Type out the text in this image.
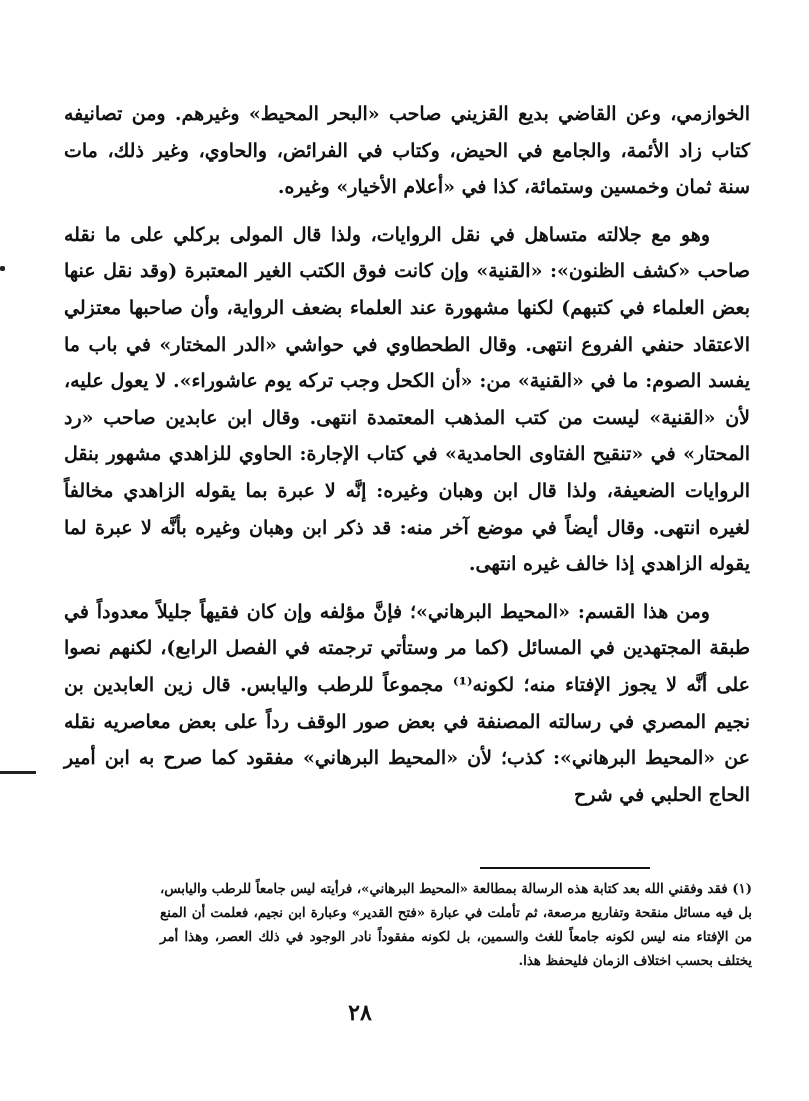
الخوازمي، وعن القاضي بديع القزيني صاحب «البحر المحيط» وغيرهم. ومن تصانيفه كتاب زاد الأئمة، والجامع في الحيض، وكتاب في الفرائض، والحاوي، وغير ذلك، مات سنة ثمان وخمسين وستمائة، كذا في «أعلام الأخيار» وغيره.

وهو مع جلالته متساهل في نقل الروايات، ولذا قال المولى بركلي على ما نقله صاحب «كشف الظنون»: «القنية» وإن كانت فوق الكتب الغير المعتبرة (وقد نقل عنها بعض العلماء في كتبهم) لكنها مشهورة عند العلماء بضعف الرواية، وأن صاحبها معتزلي الاعتقاد حنفي الفروع انتهى. وقال الطحطاوي في حواشي «الدر المختار» في باب ما يفسد الصوم: ما في «القنية» من: «أن الكحل وجب تركه يوم عاشوراء». لا يعول عليه، لأن «القنية» ليست من كتب المذهب المعتمدة انتهى. وقال ابن عابدين صاحب «رد المحتار» في «تنقيح الفتاوى الحامدية» في كتاب الإجارة: الحاوي للزاهدي مشهور بنقل الروايات الضعيفة، ولذا قال ابن وهبان وغيره: إنَّه لا عبرة بما يقوله الزاهدي مخالفاً لغيره انتهى. وقال أيضاً في موضع آخر منه: قد ذكر ابن وهبان وغيره بأنَّه لا عبرة لما يقوله الزاهدي إذا خالف غيره انتهى.

ومن هذا القسم: «المحيط البرهاني»؛ فإنَّ مؤلفه وإن كان فقيهاً جليلاً معدوداً في طبقة المجتهدين في المسائل (كما مر وستأتي ترجمته في الفصل الرابع)، لكنهم نصوا على أنَّه لا يجوز الإفتاء منه؛ لكونه⁽¹⁾ مجموعاً للرطب واليابس. قال زين العابدين بن نجيم المصري في رسالته المصنفة في بعض صور الوقف رداً على بعض معاصريه نقله عن «المحيط البرهاني»: كذب؛ لأن «المحيط البرهاني» مفقود كما صرح به ابن أمير الحاج الحلبي في شرح

(١) فقد وفقني الله بعد كتابة هذه الرسالة بمطالعة «المحيط البرهاني»، فرأيته ليس جامعاً للرطب واليابس، بل فيه مسائل منقحة وتفاريع مرصعة، ثم تأملت في عبارة «فتح القدير» وعبارة ابن نجيم، فعلمت أن المنع من الإفتاء منه ليس لكونه جامعاً للغث والسمين، بل لكونه مفقوداً نادر الوجود في ذلك العصر، وهذا أمر يختلف بحسب اختلاف الزمان فليحفظ هذا.

٢٨
